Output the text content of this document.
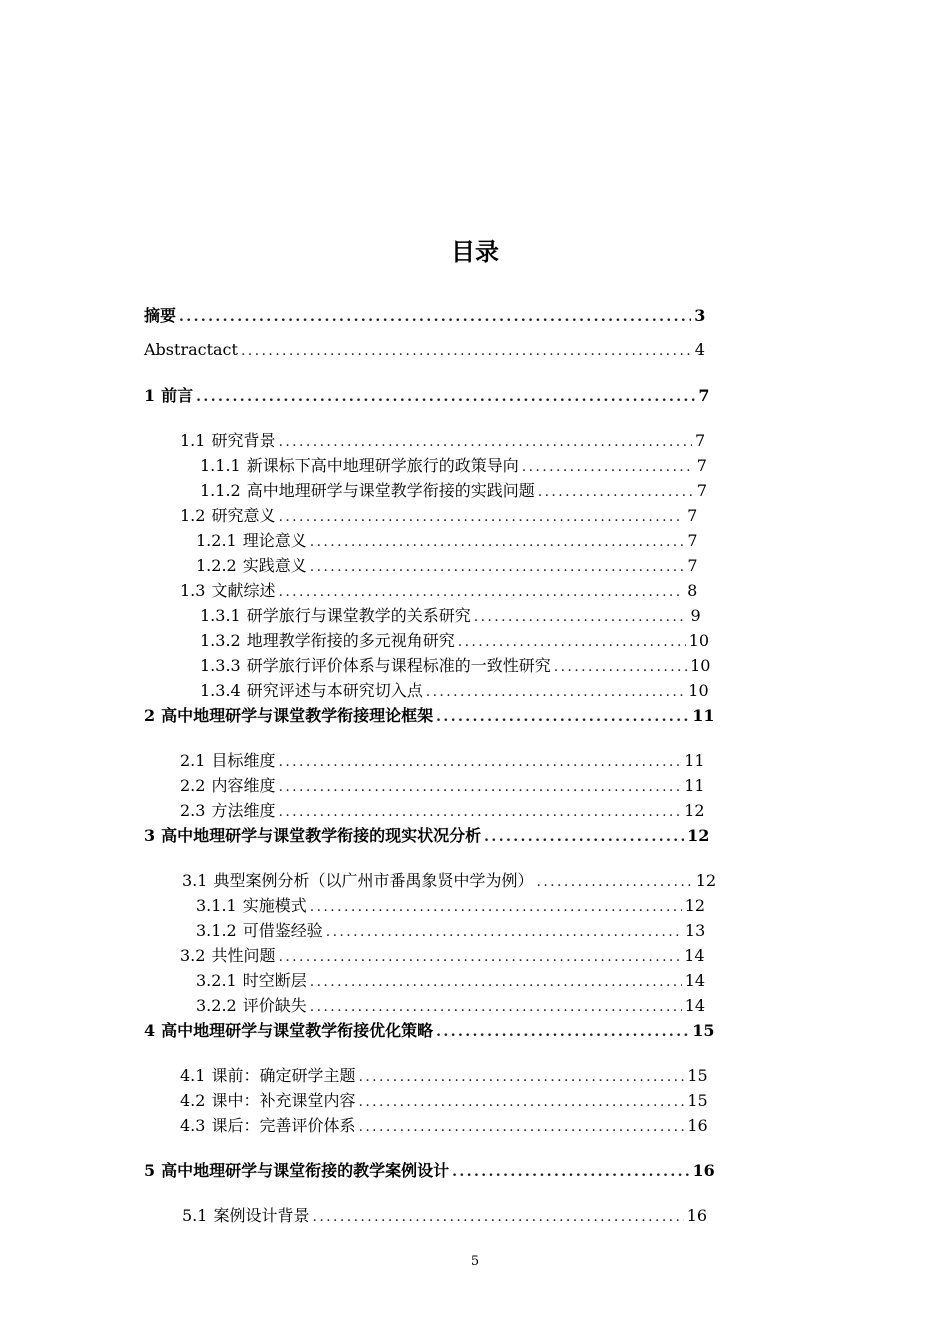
目录
摘要 .....	3
Abstractact .....	4
1 前言 .....	7
1.1 研究背景 .....	7
1.1.1 新课标下高中地理研学旅行的政策导向 .....	7
1.1.2 高中地理研学与课堂教学衔接的实践问题 .....	7
1.2 研究意义 .....	7
1.2.1 理论意义 .....	7
1.2.2 实践意义 .....	7
1.3 文献综述 .....	8
1.3.1 研学旅行与课堂教学的关系研究 .....	9
1.3.2 地理教学衔接的多元视角研究 .....	10
1.3.3 研学旅行评价体系与课程标准的一致性研究 .....	10
1.3.4 研究评述与本研究切入点 .....	10
2 高中地理研学与课堂教学衔接理论框架 .....	11
2.1 目标维度 .....	11
2.2 内容维度 .....	11
2.3 方法维度 .....	12
3 高中地理研学与课堂教学衔接的现实状况分析 .....	12
3.1 典型案例分析（以广州市番禺象贤中学为例） .....	12
3.1.1 实施模式 .....	12
3.1.2 可借鉴经验 .....	13
3.2 共性问题 .....	14
3.2.1 时空断层 .....	14
3.2.2 评价缺失 .....	14
4 高中地理研学与课堂教学衔接优化策略 .....	15
4.1 课前：确定研学主题 .....	15
4.2 课中：补充课堂内容 .....	15
4.3 课后：完善评价体系 .....	16
5 高中地理研学与课堂衔接的教学案例设计 .....	16
5.1 案例设计背景 .....	16
5
